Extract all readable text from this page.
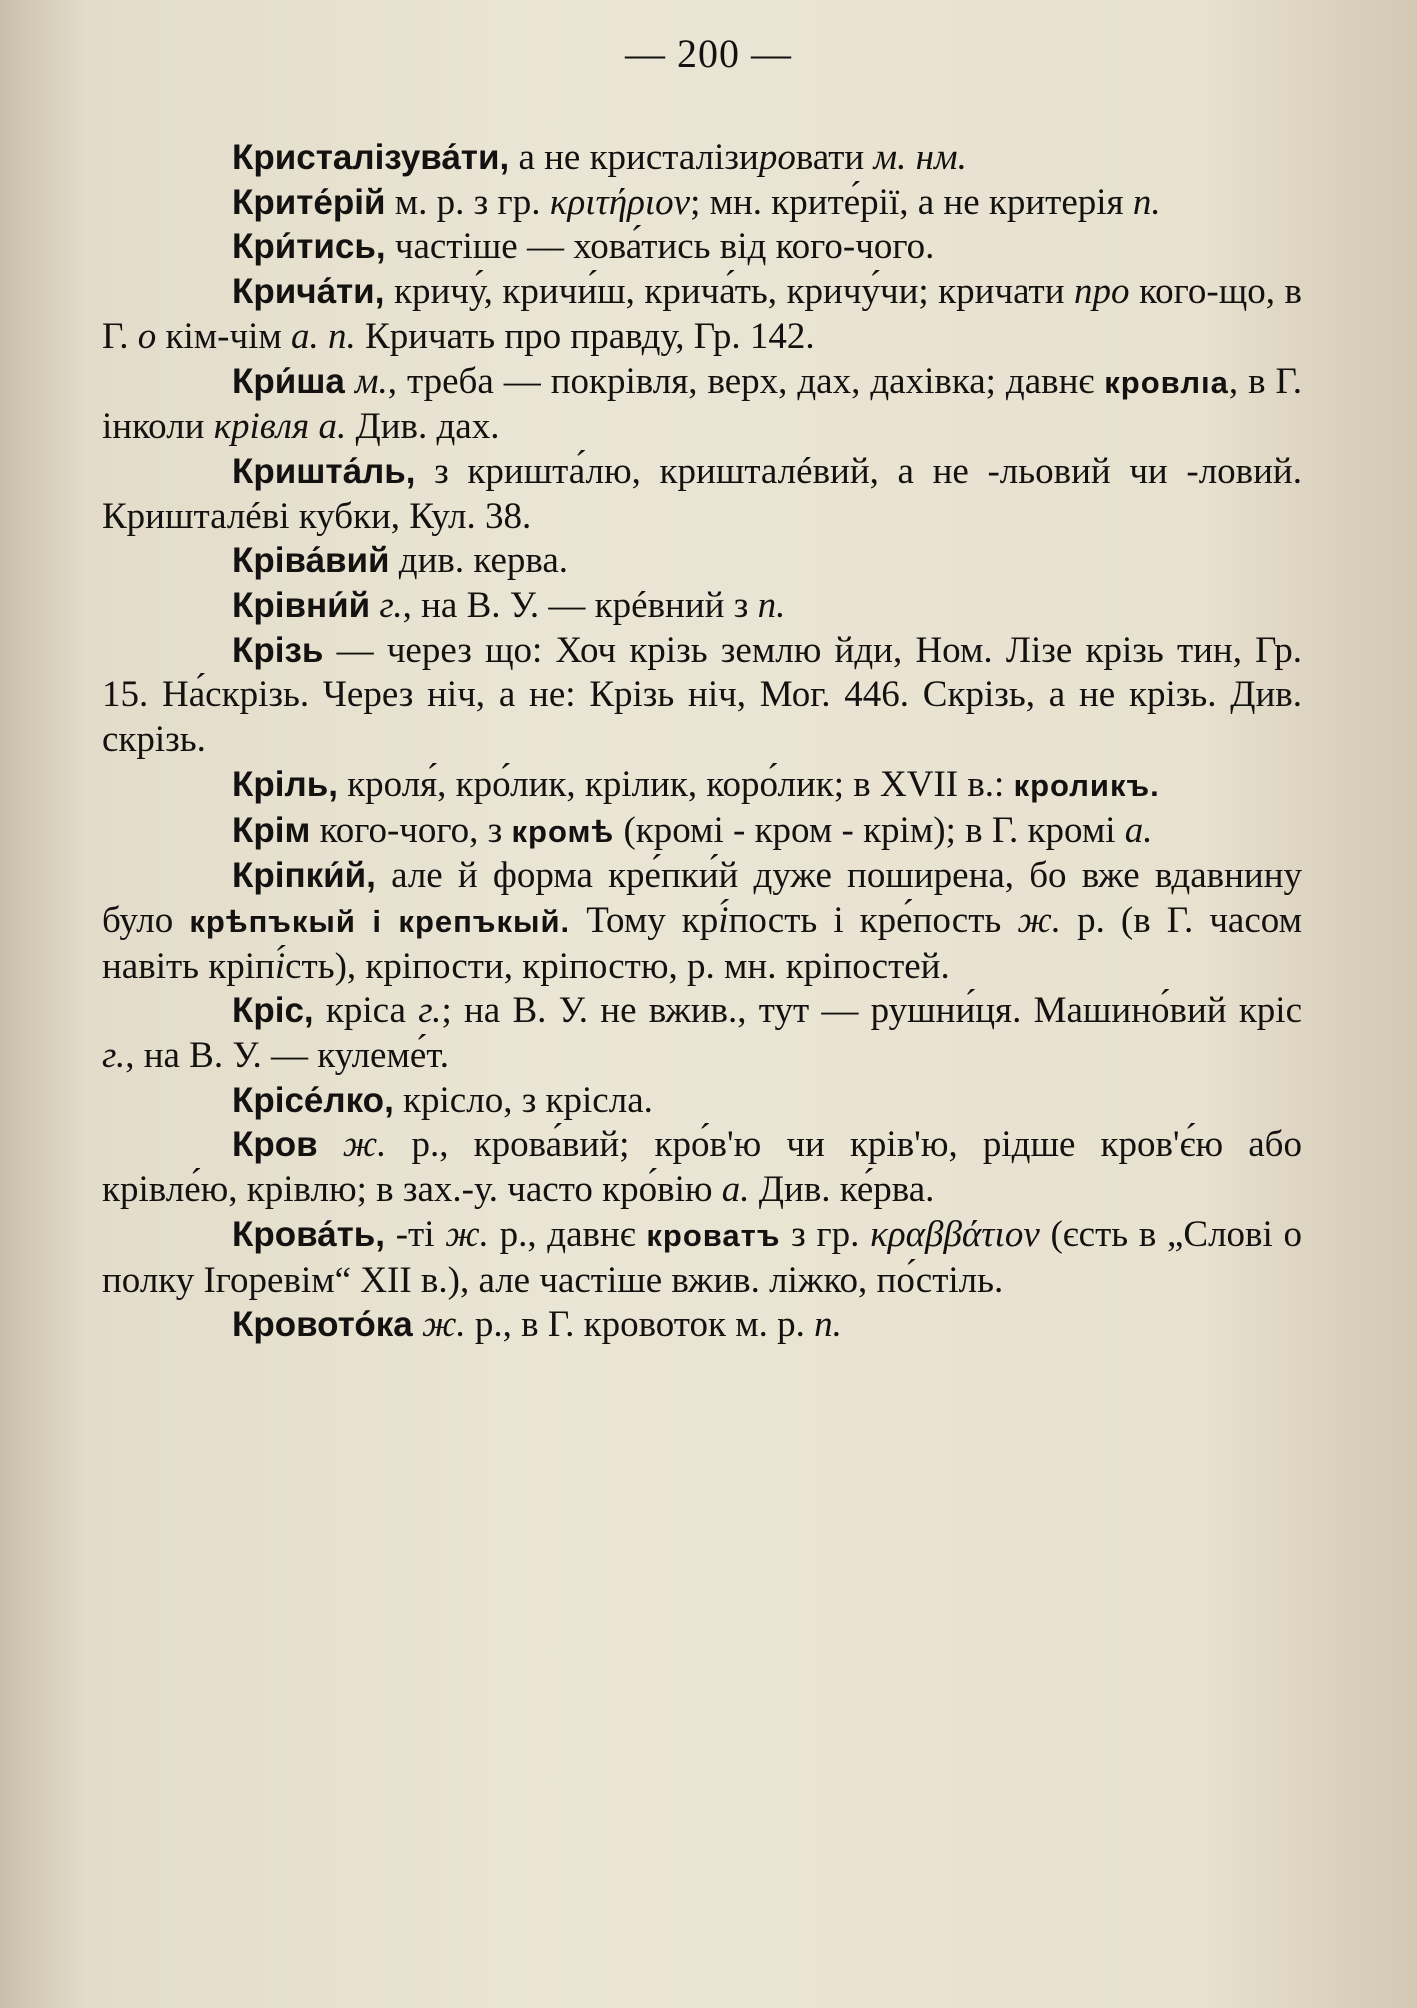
— 200 —

Кристалізува́ти, а не кристалізировати м. нм.

Крите́рій м. р. з гр. κριτήριον; мн. крите́рії, а не критерія п.

Кри́тись, частіше — хова́тись від кого-чого.

Крича́ти, кричу́, кричи́ш, крича́ть, кричу́чи; кричати про кого-що, в Г. о кім-чім а. п. Кричать про правду, Гр. 142.

Кри́ша м., треба — покрівля, верх, дах, дахівка; давнє кровлıа, в Г. інколи крівля а. Див. дах.

Кришта́ль, з кришта́лю, кришталéвий, а не -льовий чи -ловий. Кришталéві кубки, Кул. 38.

Кріва́вий див. керва.

Крівни́й г., на В. У. — крéвний з п.

Крізь — через що: Хоч крізь землю йди, Ном. Лізе крізь тин, Гр. 15. На́скрізь. Через ніч, а не: Крізь ніч, Мог. 446. Скрізь, а не крізь. Див. скрізь.

Кріль, кроля́, кро́лик, крілик, коро́лик; в XVII в.: кроликъ.

Крім кого-чого, з кромѣ (кромі - кром - крім); в Г. кромі а.

Кріпки́й, але й форма кре́пки́й дуже поширена, бо вже вдавнину було крѣпъкый і крепъкый. Тому крі́пость і кре́пость ж. р. (в Г. часом навіть кріпі́сть), кріпости, кріпостю, р. мн. кріпостей.

Кріс, кріса г.; на В. У. не вжив., тут — рушни́ця. Машино́вий кріс г., на В. У. — кулеме́т.

Крісе́лко, крісло, з крісла.

Кров ж. р., крова́вий; кро́в'ю чи крів'ю, рідше кров'є́ю або крівле́ю, крівлю; в зах.-у. часто кро́вію а. Див. ке́рва.

Крова́ть, -ті ж. р., давнє кроватъ з гр. κραββάτιον (єсть в „Слові о полку Ігоревім“ XII в.), але частіше вжив. ліжко, по́стіль.

Кровото́ка ж. р., в Г. кровоток м. р. п.
